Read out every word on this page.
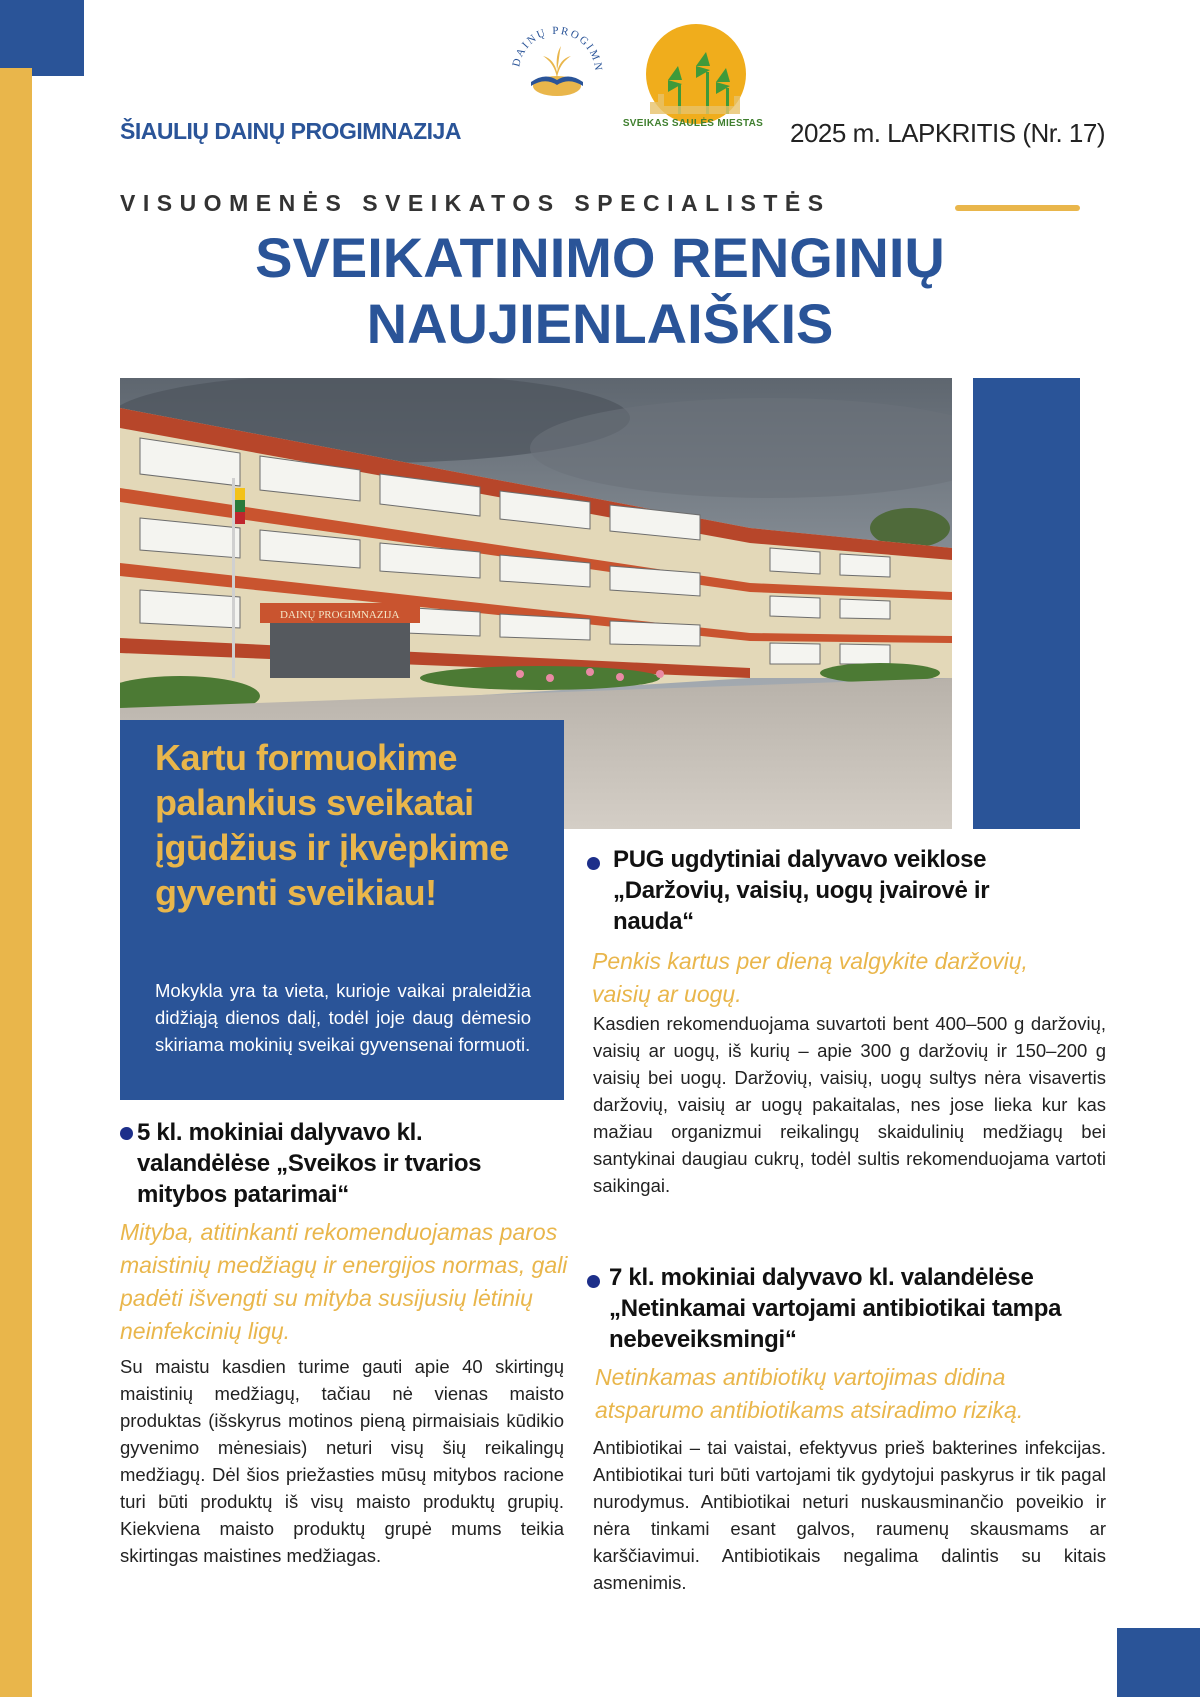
ŠIAULIŲ DAINŲ PROGIMNAZIJA
DAINŲ PROGIMN
SVEIKAS SAULĖS MIESTAS 2025 m. LAPKRITIS (Nr. 17)
VISUOMENĖS SVEIKATOS SPECIALISTĖS
SVEIKATINIMO RENGINIŲ
NAUJIENLAIŠKIS
DAINŲ PROGIMNAZIJA
Kartu formuokime palankius sveikatai įgūdžius ir įkvėpkime gyventi sveikiau!
Mokykla yra ta vieta, kurioje vaikai praleidžia didžiąją dienos dalį, todėl joje daug dėmesio skiriama mokinių sveikai gyvensenai formuoti.
5 kl. mokiniai dalyvavo kl. valandėlėse „Sveikos ir tvarios mitybos patarimai“
Mityba, atitinkanti rekomenduojamas paros maistinių medžiagų ir energijos normas, gali padėti išvengti su mityba susijusių lėtinių neinfekcinių ligų.
Su maistu kasdien turime gauti apie 40 skirtingų maistinių medžiagų, tačiau nė vienas maisto produktas (išskyrus motinos pieną pirmaisiais kūdikio gyvenimo mėnesiais) neturi visų šių reikalingų medžiagų. Dėl šios priežasties mūsų mitybos racione turi būti produktų iš visų maisto produktų grupių. Kiekviena maisto produktų grupė mums teikia skirtingas maistines medžiagas.
PUG ugdytiniai dalyvavo veiklose „Daržovių, vaisių, uogų įvairovė ir nauda“
Penkis kartus per dieną valgykite daržovių, vaisių ar uogų.
Kasdien rekomenduojama suvartoti bent 400–500 g daržovių, vaisių ar uogų, iš kurių – apie 300 g daržovių ir 150–200 g vaisių bei uogų. Daržovių, vaisių, uogų sultys nėra visavertis daržovių, vaisių ar uogų pakaitalas, nes jose lieka kur kas mažiau organizmui reikalingų skaidulinių medžiagų bei santykinai daugiau cukrų, todėl sultis rekomenduojama vartoti saikingai.
7 kl. mokiniai dalyvavo kl. valandėlėse „Netinkamai vartojami antibiotikai tampa nebeveiksmingi“
Netinkamas antibiotikų vartojimas didina atsparumo antibiotikams atsiradimo riziką.
Antibiotikai – tai vaistai, efektyvus prieš bakterines infekcijas. Antibiotikai turi būti vartojami tik gydytojui paskyrus ir tik pagal nurodymus. Antibiotikai neturi nuskausminančio poveikio ir nėra tinkami esant galvos, raumenų skausmams ar karščiavimui. Antibiotikais negalima dalintis su kitais asmenimis.
